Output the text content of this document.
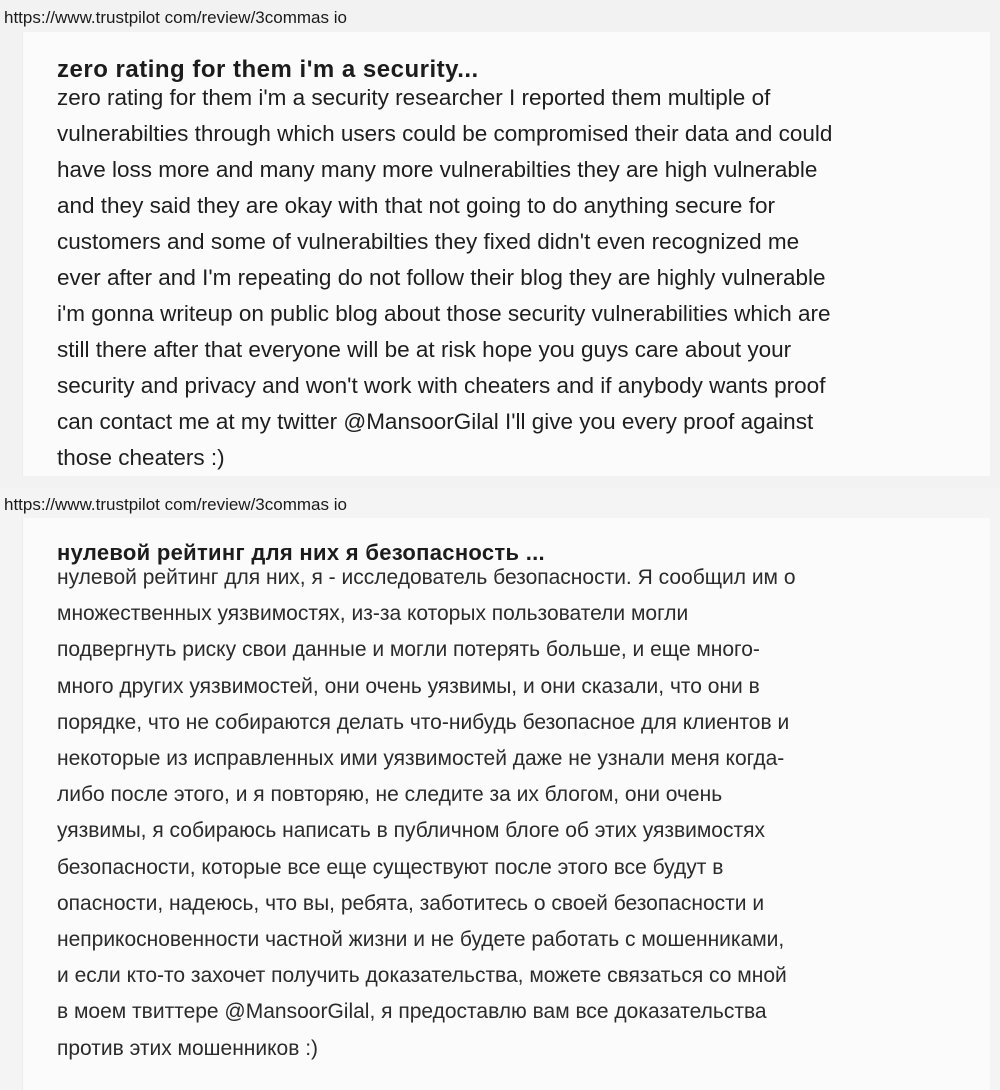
https://www.trustpilot com/review/3commas io
zero rating for them i'm a security...

zero rating for them i'm a security researcher I reported them multiple of
vulnerabilties through which users could be compromised their data and could
have loss more and many many more vulnerabilties they are high vulnerable
and they said they are okay with that not going to do anything secure for
customers and some of vulnerabilties they fixed didn't even recognized me
ever after and I'm repeating do not follow their blog they are highly vulnerable
i'm gonna writeup on public blog about those security vulnerabilities which are
still there after that everyone will be at risk hope you guys care about your
security and privacy and won't work with cheaters and if anybody wants proof
can contact me at my twitter @MansoorGilal I'll give you every proof against
those cheaters :)

https://www.trustpilot com/review/3commas io
нулевой рейтинг для них я безопасность ...

нулевой рейтинг для них, я - исследователь безопасности. Я сообщил им о
множественных уязвимостях, из-за которых пользователи могли
подвергнуть риску свои данные и могли потерять больше, и еще много-
много других уязвимостей, они очень уязвимы, и они сказали, что они в
порядке, что не собираются делать что-нибудь безопасное для клиентов и
некоторые из исправленных ими уязвимостей даже не узнали меня когда-
либо после этого, и я повторяю, не следите за их блогом, они очень
уязвимы, я собираюсь написать в публичном блоге об этих уязвимостях
безопасности, которые все еще существуют после этого все будут в
опасности, надеюсь, что вы, ребята, заботитесь о своей безопасности и
неприкосновенности частной жизни и не будете работать с мошенниками,
и если кто-то захочет получить доказательства, можете связаться со мной
в моем твиттере @MansoorGilal, я предоставлю вам все доказательства
против этих мошенников :)
